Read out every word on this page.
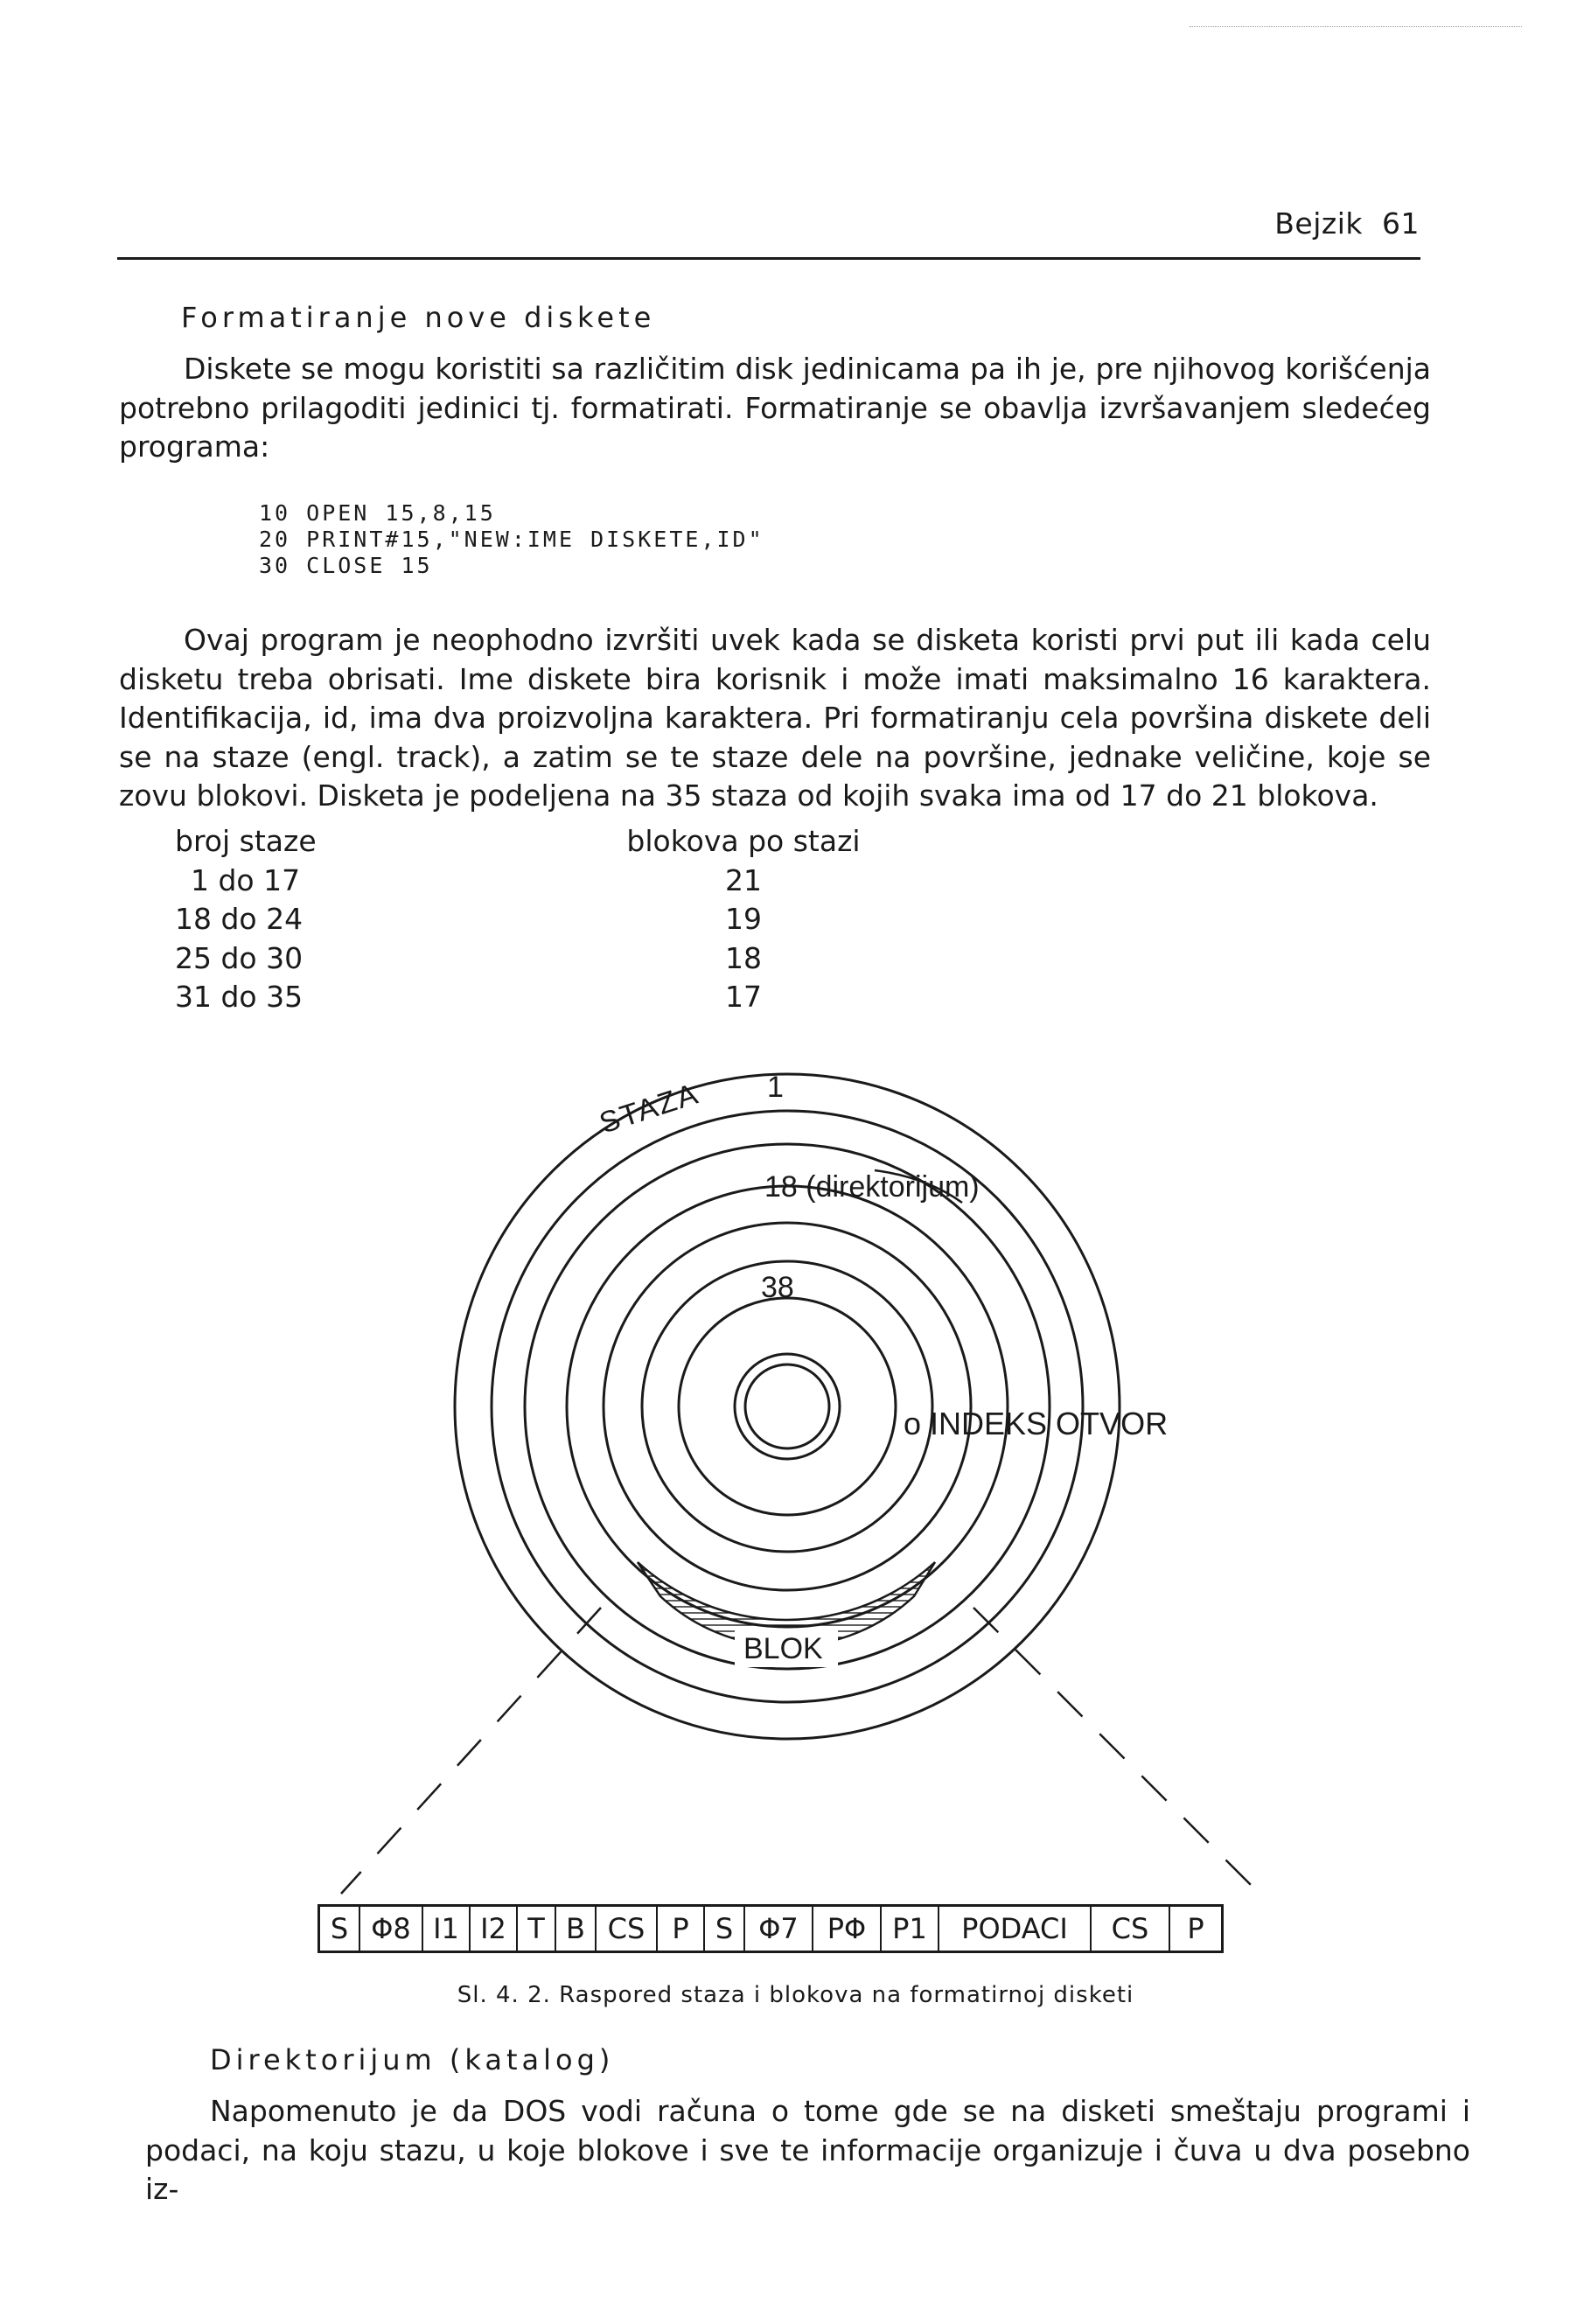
Bejzik 61
Formatiranje nove diskete

Diskete se mogu koristiti sa različitim disk jedinicama pa ih je, pre njihovog korišćenja potrebno prilagoditi jedinici tj. formatirati. Formatiranje se obavlja izvršavanjem sledećeg programa:

10 OPEN 15,8,15
20 PRINT#15,"NEW:IME DISKETE,ID"
30 CLOSE 15

Ovaj program je neophodno izvršiti uvek kada se disketa koristi prvi put ili kada celu disketu treba obrisati. Ime diskete bira korisnik i može imati maksimalno 16 karaktera. Identifikacija, id, ima dva proizvoljna karaktera. Pri formatiranju cela površina diskete deli se na staze (engl. track), a zatim se te staze dele na površine, jednake veličine, koje se zovu blokovi. Disketa je podeljena na 35 staza od kojih svaka ima od 17 do 21 blokova.

broj staze	blokova po stazi
1 do 17	21
18 do 24	19
25 do 30	18
31 do 35	17
STAZA 1
18 (direktorijum)
38
o INDEKS OTVOR
BLOK
S Φ8 I1 I2 T B CS P S Φ7	PΦ P1	PODACI	CS	P
Sl. 4. 2. Raspored staza i blokova na formatirnoj disketi
Direktorijum (katalog)

Napomenuto je da DOS vodi računa o tome gde se na disketi smeštaju programi i podaci, na koju stazu, u koje blokove i sve te informacije organizuje i čuva u dva posebno iz-
